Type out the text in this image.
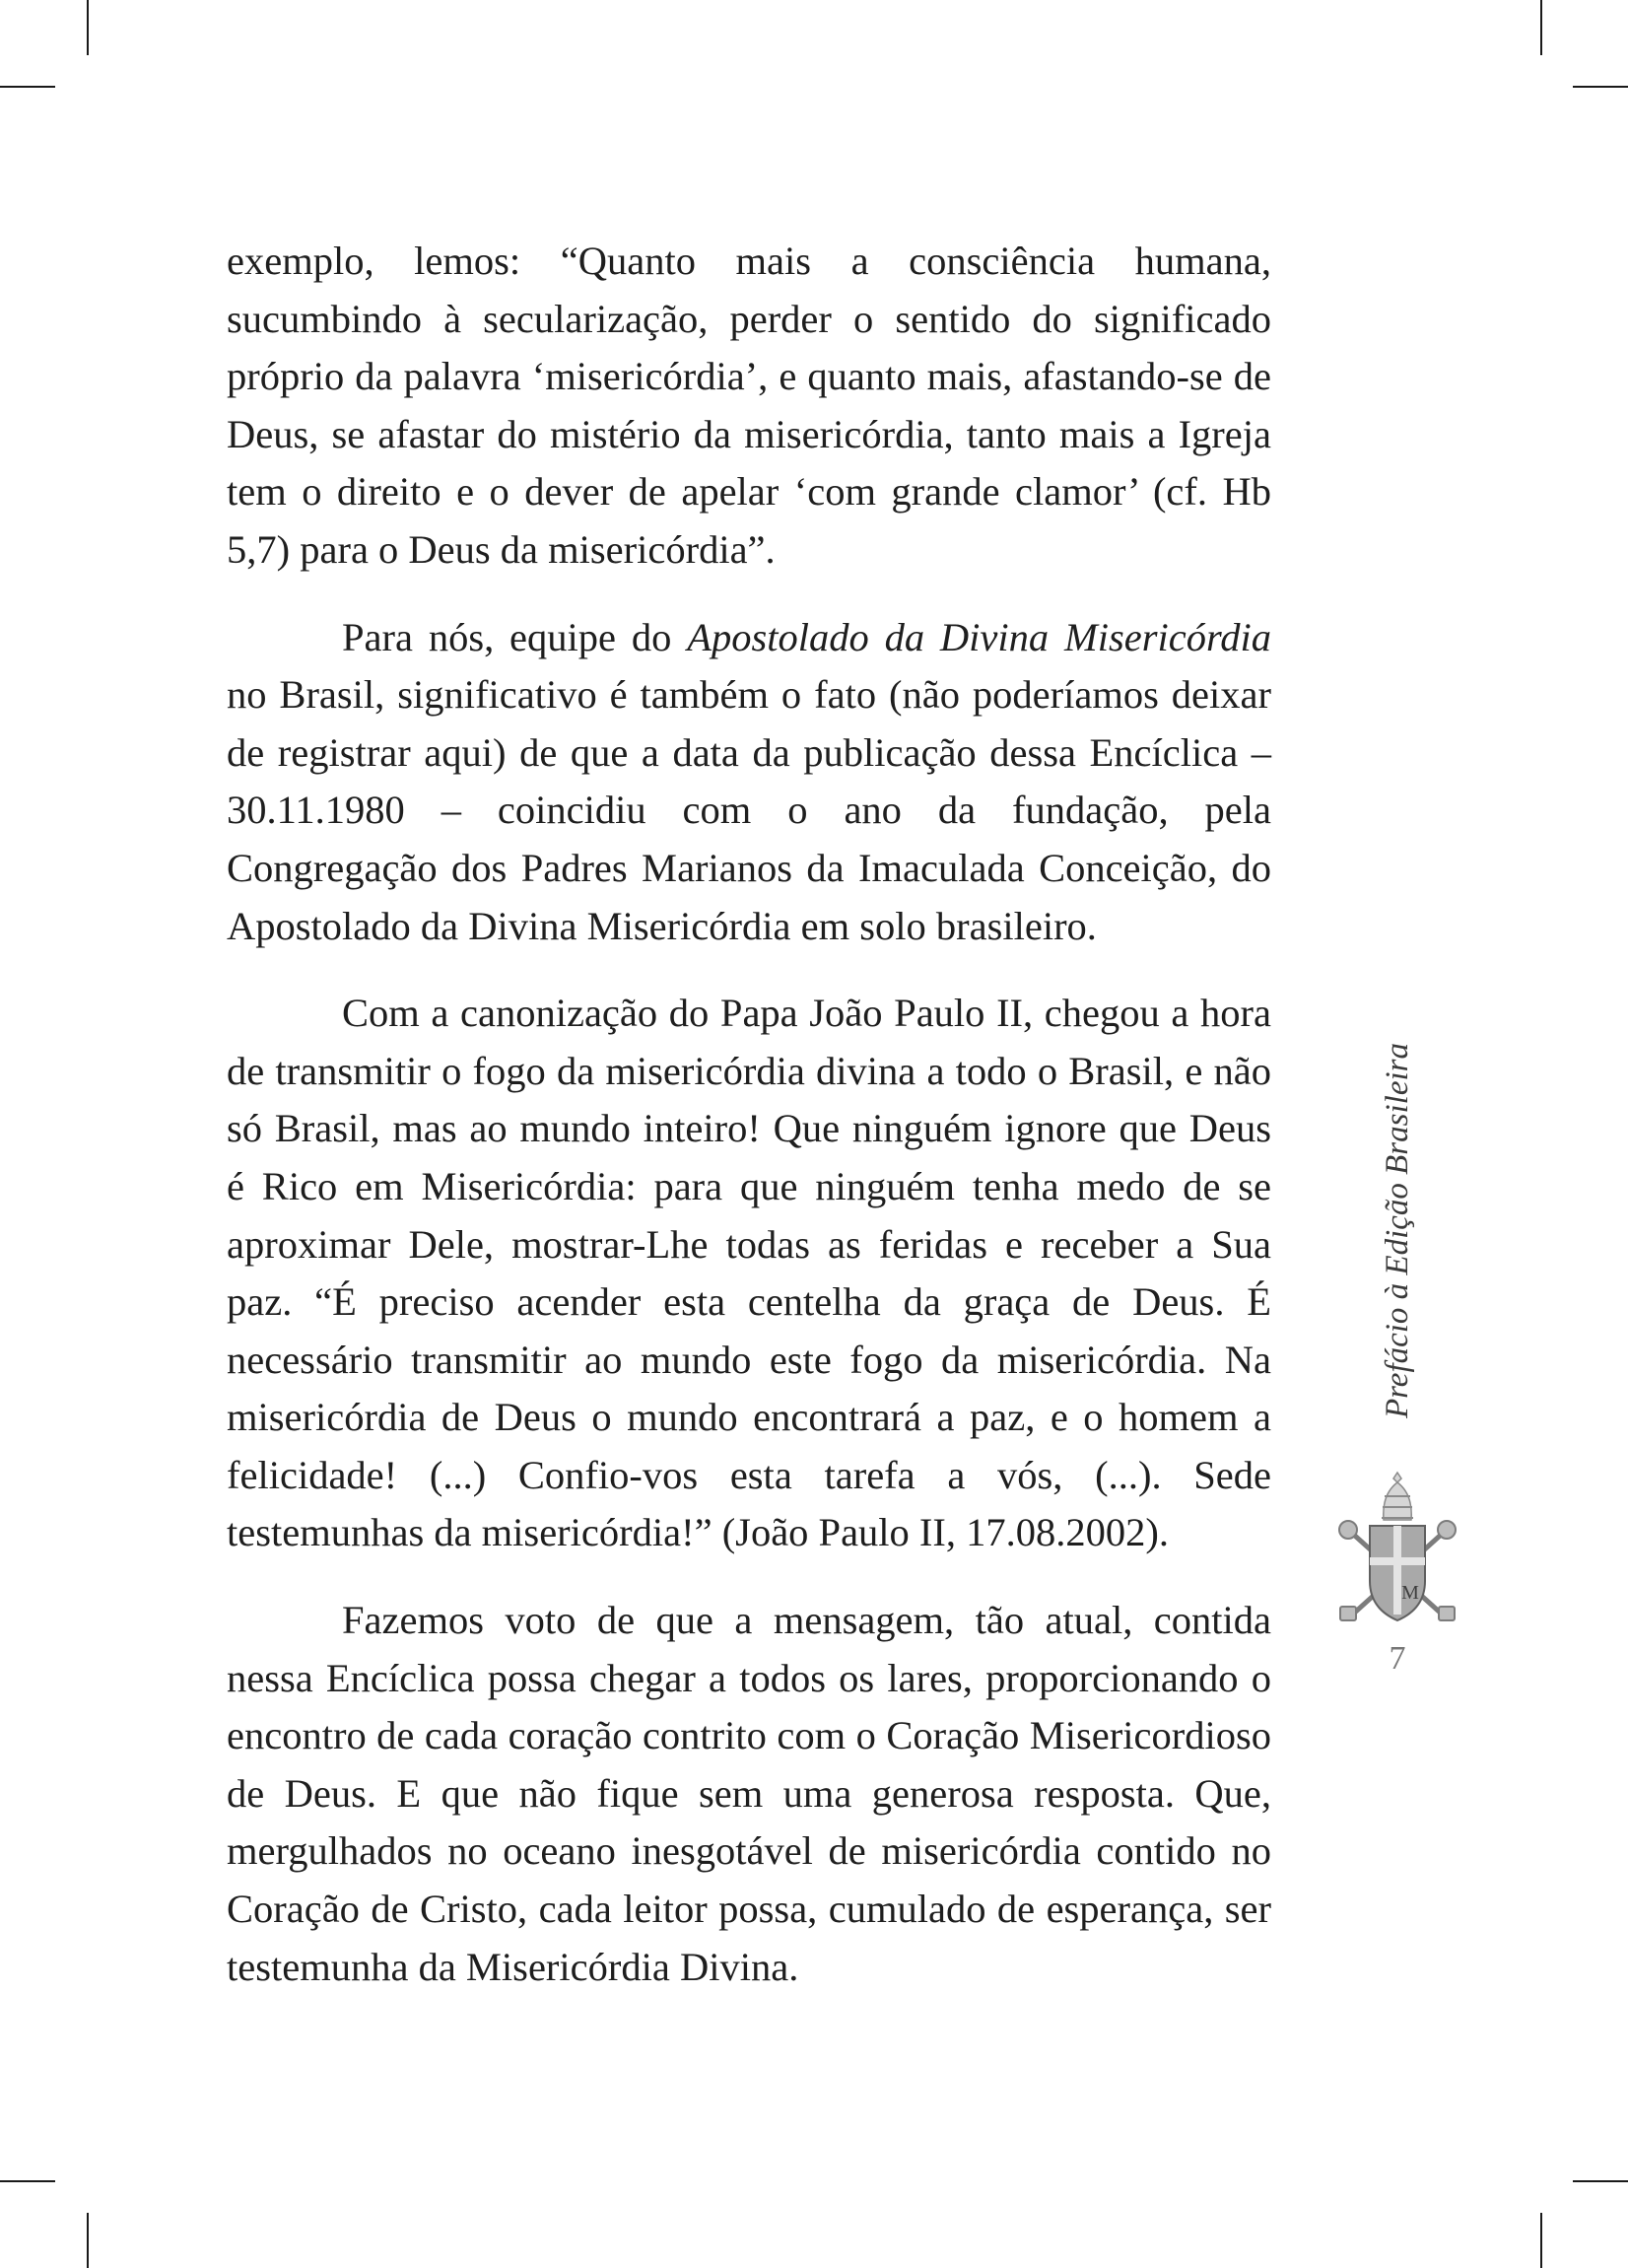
exemplo, lemos: “Quanto mais a consciência humana, sucumbindo à secularização, perder o sentido do significado próprio da palavra ‘misericórdia’, e quanto mais, afastando-se de Deus, se afastar do mistério da misericórdia, tanto mais a Igreja tem o direito e o dever de apelar ‘com grande clamor’ (cf. Hb 5,7) para o Deus da misericórdia”.

Para nós, equipe do Apostolado da Divina Misericórdia no Brasil, significativo é também o fato (não poderíamos deixar de registrar aqui) de que a data da publicação dessa Encíclica – 30.11.1980 – coincidiu com o ano da fundação, pela Congregação dos Padres Marianos da Imaculada Conceição, do Apostolado da Divina Misericórdia em solo brasileiro.

Com a canonização do Papa João Paulo II, chegou a hora de transmitir o fogo da misericórdia divina a todo o Brasil, e não só Brasil, mas ao mundo inteiro! Que ninguém ignore que Deus é Rico em Misericórdia: para que ninguém tenha medo de se aproximar Dele, mostrar-Lhe todas as feridas e receber a Sua paz. “É preciso acender esta centelha da graça de Deus. É necessário transmitir ao mundo este fogo da misericórdia. Na misericórdia de Deus o mundo encontrará a paz, e o homem a felicidade! (...) Confio-vos esta tarefa a vós, (...). Sede testemunhas da misericórdia!” (João Paulo II, 17.08.2002).

Fazemos voto de que a mensagem, tão atual, contida nessa Encíclica possa chegar a todos os lares, proporcionando o encontro de cada coração contrito com o Coração Misericordioso de Deus. E que não fique sem uma generosa resposta. Que, mergulhados no oceano inesgotável de misericórdia contido no Coração de Cristo, cada leitor possa, cumulado de esperança, ser testemunha da Misericórdia Divina.

Prefácio à Edição Brasileira
M
7
